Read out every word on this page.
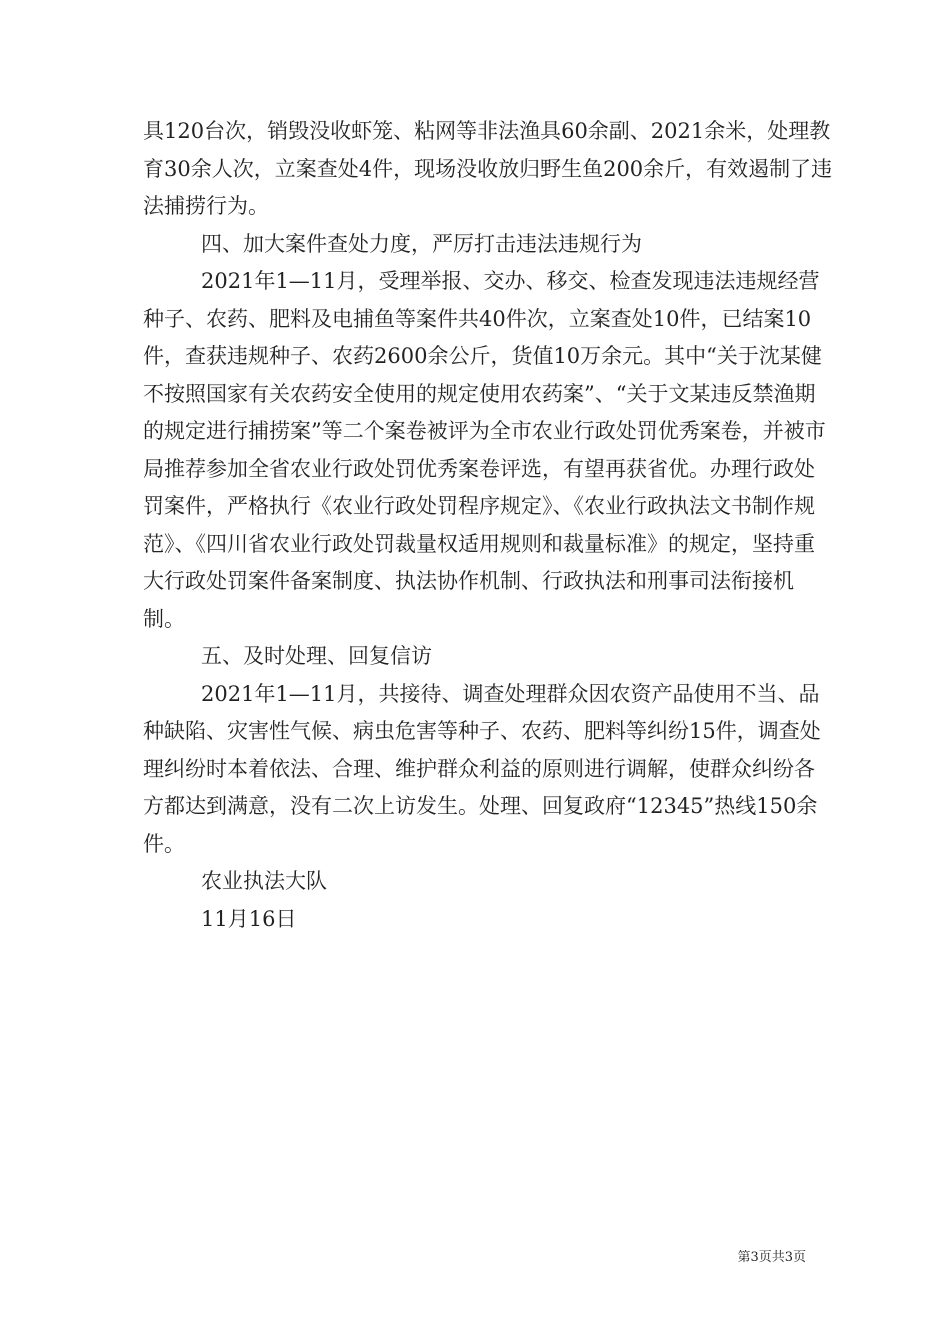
具120台次，销毁没收虾笼、粘网等非法渔具60余副、2021余米，处理教育30余人次，立案查处4件，现场没收放归野生鱼200余斤，有效遏制了违法捕捞行为。

四、加大案件查处力度，严厉打击违法违规行为

2021年1—11月，受理举报、交办、移交、检查发现违法违规经营种子、农药、肥料及电捕鱼等案件共40件次，立案查处10件，已结案10件，查获违规种子、农药2600余公斤，货值10万余元。其中“关于沈某健不按照国家有关农药安全使用的规定使用农药案”、“关于文某违反禁渔期的规定进行捕捞案”等二个案卷被评为全市农业行政处罚优秀案卷，并被市局推荐参加全省农业行政处罚优秀案卷评选，有望再获省优。办理行政处罚案件，严格执行《农业行政处罚程序规定》、《农业行政执法文书制作规范》、《四川省农业行政处罚裁量权适用规则和裁量标准》的规定，坚持重大行政处罚案件备案制度、执法协作机制、行政执法和刑事司法衔接机制。

五、及时处理、回复信访

2021年1—11月，共接待、调查处理群众因农资产品使用不当、品种缺陷、灾害性气候、病虫危害等种子、农药、肥料等纠纷15件，调查处理纠纷时本着依法、合理、维护群众利益的原则进行调解，使群众纠纷各方都达到满意，没有二次上访发生。处理、回复政府“12345”热线150余件。

农业执法大队

11月16日

第3页共3页
